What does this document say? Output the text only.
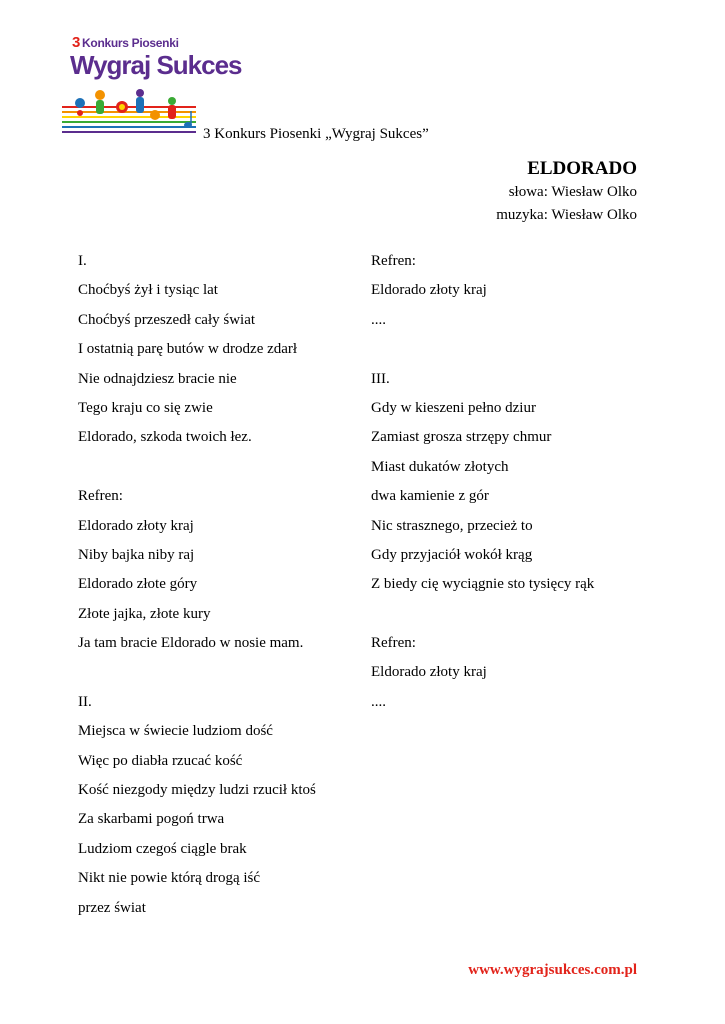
3 Konkurs Piosenki
Wygraj Sukces
3 Konkurs Piosenki „Wygraj Sukces”
ELDORADO
słowa: Wiesław Olko
muzyka: Wiesław Olko
I.
Choćbyś żył i tysiąc lat
Choćbyś przeszedł cały świat
I ostatnią parę butów w drodze zdarł
Nie odnajdziesz bracie nie
Tego kraju co się zwie
Eldorado, szkoda twoich łez.
Refren:
Eldorado złoty kraj
Niby bajka niby raj
Eldorado złote góry
Złote jajka, złote kury
Ja tam bracie Eldorado w nosie mam.
II.
Miejsca w świecie ludziom dość
Więc po diabła rzucać kość
Kość niezgody między ludzi rzucił ktoś
Za skarbami pogoń trwa
Ludziom czegoś ciągle brak
Nikt nie powie którą drogą iść
przez świat
Refren:
Eldorado złoty kraj
....
III.
Gdy w kieszeni pełno dziur
Zamiast grosza strzępy chmur
Miast dukatów złotych
dwa kamienie z gór
Nic strasznego, przecież to
Gdy przyjaciół wokół krąg
Z biedy cię wyciągnie sto tysięcy rąk
Refren:
Eldorado złoty kraj
....
www.wygrajsukces.com.pl
